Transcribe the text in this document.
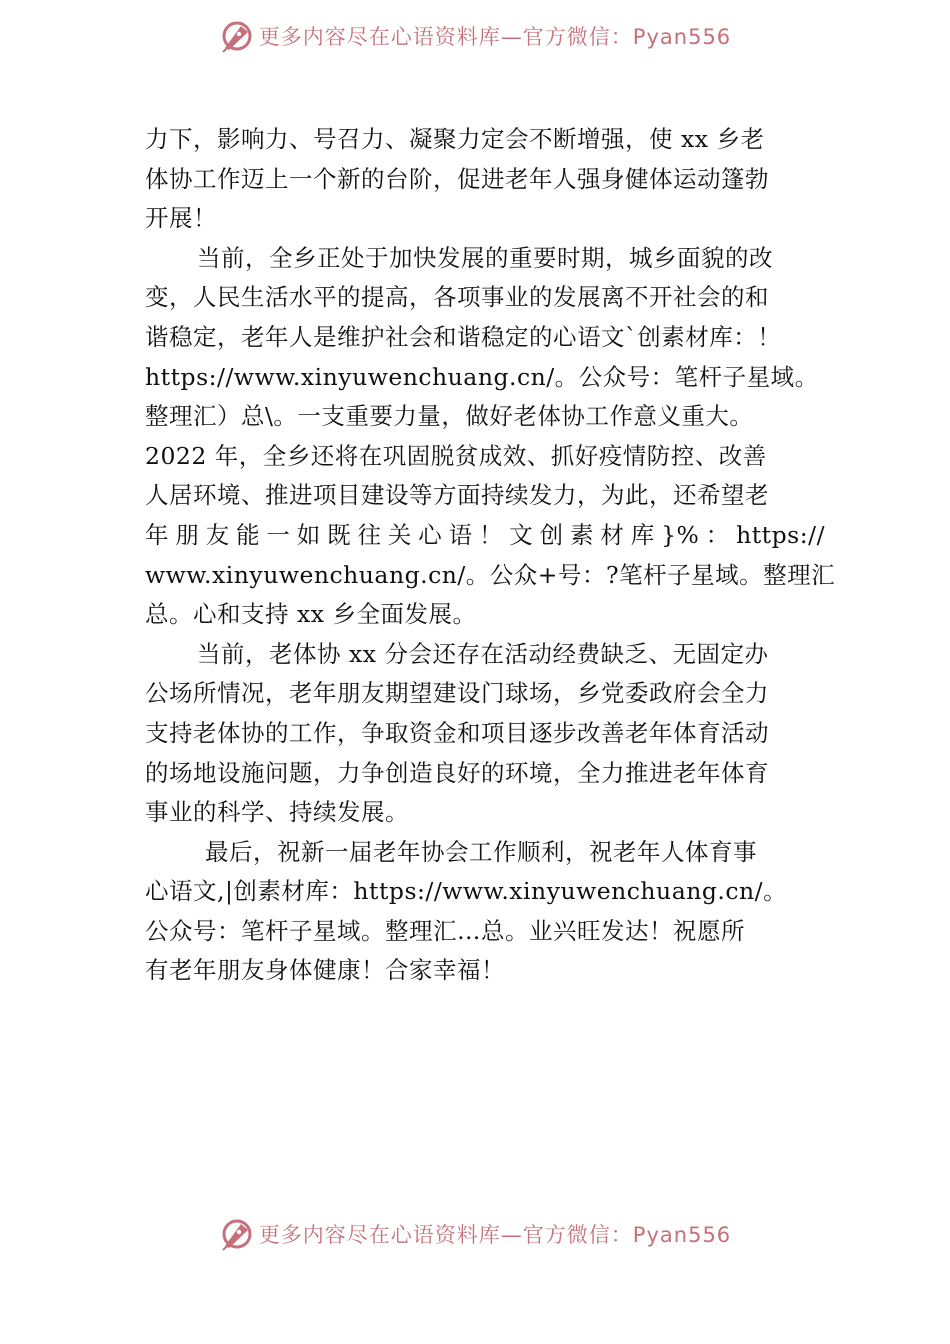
更多内容尽在心语资料库—官方微信：Pyan556
力下，影响力、号召力、凝聚力定会不断增强，使 xx 乡老
体协工作迈上一个新的台阶，促进老年人强身健体运动篷勃
开展！
当前，全乡正处于加快发展的重要时期，城乡面貌的改
变，人民生活水平的提高，各项事业的发展离不开社会的和
谐稳定，老年人是维护社会和谐稳定的心语文`创素材库：！
https://www.xinyuwenchuang.cn/。公众号：笔杆子星域。
整理汇）总\。一支重要力量，做好老体协工作意义重大。
2022 年，全乡还将在巩固脱贫成效、抓好疫情防控、改善
人居环境、推进项目建设等方面持续发力，为此，还希望老
年朋友能一如既往关心语！文创素材库}%：https://
www.xinyuwenchuang.cn/。公众+号：?笔杆子星域。整理汇
总。心和支持 xx 乡全面发展。
当前，老体协 xx 分会还存在活动经费缺乏、无固定办
公场所情况，老年朋友期望建设门球场，乡党委政府会全力
支持老体协的工作，争取资金和项目逐步改善老年体育活动
的场地设施问题，力争创造良好的环境，全力推进老年体育
事业的科学、持续发展。
最后，祝新一届老年协会工作顺利，祝老年人体育事
心语文,|创素材库：https://www.xinyuwenchuang.cn/。
公众号：笔杆子星域。整理汇…总。业兴旺发达！祝愿所
有老年朋友身体健康！合家幸福！
更多内容尽在心语资料库—官方微信：Pyan556
